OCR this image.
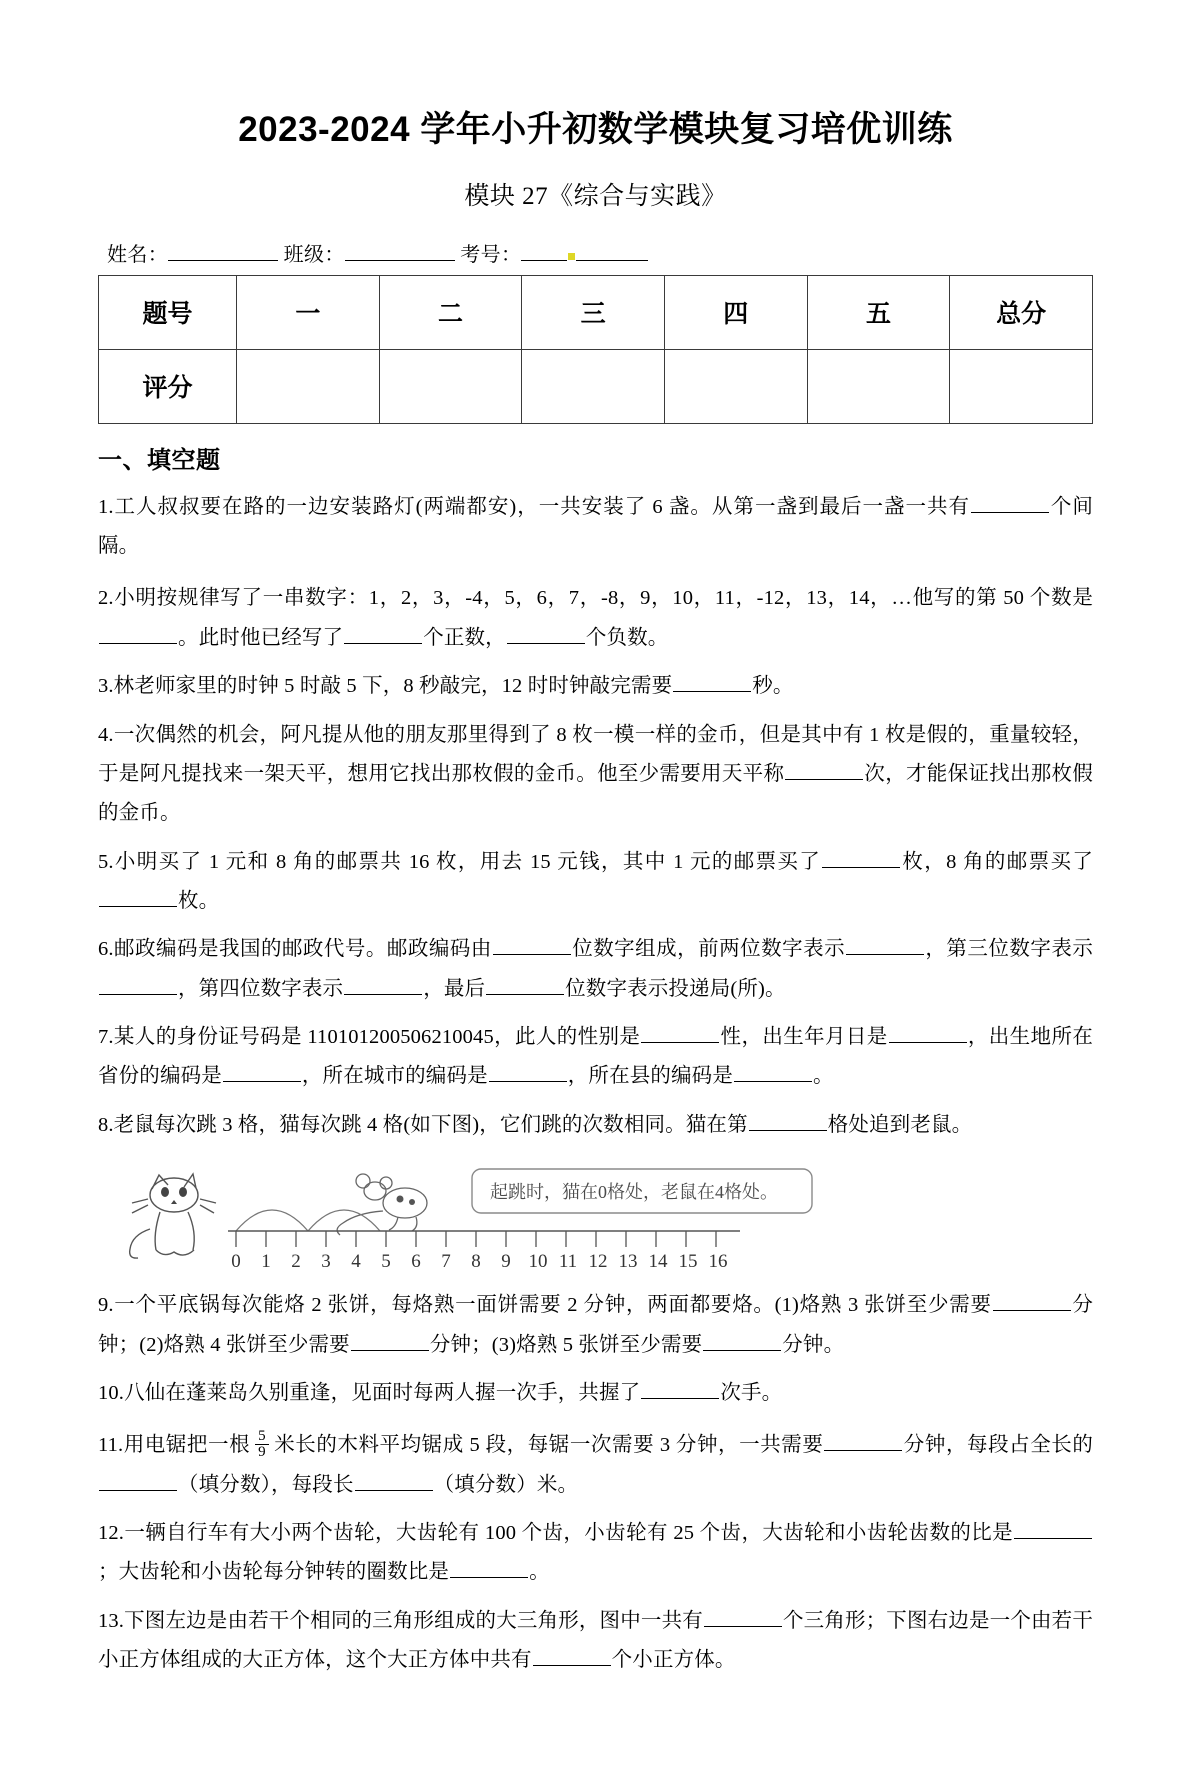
2023-2024 学年小升初数学模块复习培优训练
模块 27《综合与实践》
姓名：	班级：	考号：
题号	一	二	三	四	五	总分
评分						
一、填空题
1.工人叔叔要在路的一边安装路灯(两端都安)，一共安装了 6 盏。从第一盏到最后一盏一共有	个间隔。
2.小明按规律写了一串数字：1，2，3，-4，5，6，7，-8，9，10，11，-12，13，14，…他写的第 50 个数是。此时他已经写了	个正数，	个负数。
3.林老师家里的时钟 5 时敲 5 下，8 秒敲完，12 时时钟敲完需要	秒。
4.一次偶然的机会，阿凡提从他的朋友那里得到了 8 枚一模一样的金币，但是其中有 1 枚是假的，重量较轻，于是阿凡提找来一架天平，想用它找出那枚假的金币。他至少需要用天平称	次，才能保证找出那枚假的金币。
5.小明买了 1 元和 8 角的邮票共 16 枚，用去 15 元钱，其中 1 元的邮票买了	枚，8 角的邮票买了枚。
6.邮政编码是我国的邮政代号。邮政编码由	位数字组成，前两位数字表示	，第三位数字表示，第四位数字表示	，最后	位数字表示投递局(所)。
7.某人的身份证号码是 110101200506210045，此人的性别是	性，出生年月日是	，出生地所在省份的编码是	，所在城市的编码是	，所在县的编码是	。
8.老鼠每次跳 3 格，猫每次跳 4 格(如下图)，它们跳的次数相同。猫在第	格处追到老鼠。
起跳时，猫在0格处，老鼠在4格处。
0 1 2 3 4 5 6 7 8 9 10 11 12 13 14 15 16
9.一个平底锅每次能烙 2 张饼，每烙熟一面饼需要 2 分钟，两面都要烙。(1)烙熟 3 张饼至少需要	分钟；(2)烙熟 4 张饼至少需要	分钟；(3)烙熟 5 张饼至少需要	分钟。
10.八仙在蓬莱岛久别重逢，见面时每两人握一次手，共握了	次手。
11.用电锯把一根 $\frac{5}{9}$ 米长的木料平均锯成 5 段，每锯一次需要 3 分钟，一共需要	分钟，每段占全长的（填分数），每段长	（填分数）米。
12.一辆自行车有大小两个齿轮，大齿轮有 100 个齿，小齿轮有 25 个齿，大齿轮和小齿轮齿数的比是；大齿轮和小齿轮每分钟转的圈数比是	。
13.下图左边是由若干个相同的三角形组成的大三角形，图中一共有	个三角形；下图右边是一个由若干小正方体组成的大正方体，这个大正方体中共有	个小正方体。
